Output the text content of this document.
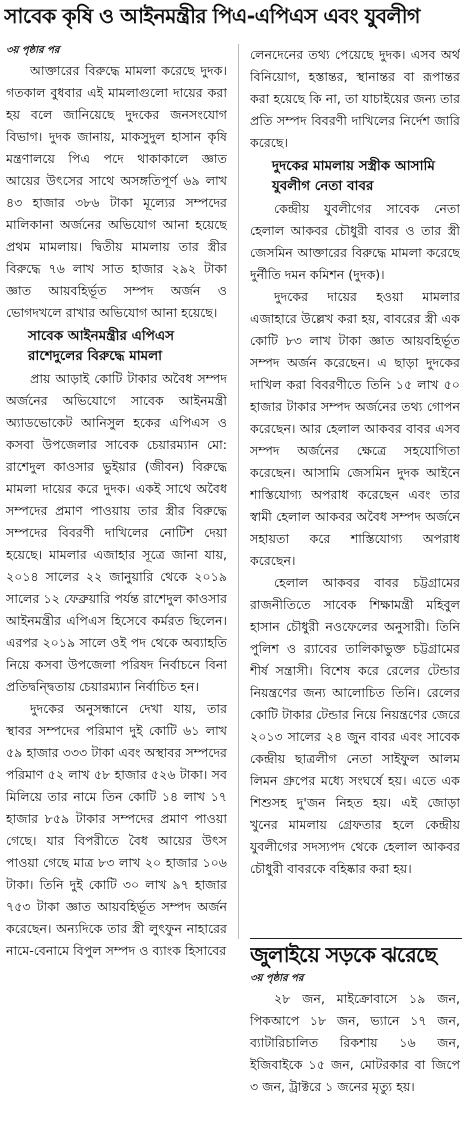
সাবেক কৃষি ও আইনমন্ত্রীর পিএ-এপিএস এবং যুবলীগ
৩য় পৃষ্ঠার পর

আক্তারের বিরুদ্ধে মামলা করেছে দুদক। গতকাল বুধবার এই মামলাগুলো দায়ের করা হয় বলে জানিয়েছে দুদকের জনসংযোগ বিভাগ। দুদক জানায়, মাকসুদুল হাসান কৃষি মন্ত্রণালয়ে পিএ পদে থাকাকালে জ্ঞাত আয়ের উৎসের সাথে অসঙ্গতিপূর্ণ ৬৯ লাখ ৪৩ হাজার ৩৮৬ টাকা মূল্যের সম্পদের মালিকানা অর্জনের অভিযোগ আনা হয়েছে প্রথম মামলায়। দ্বিতীয় মামলায় তার স্ত্রীর বিরুদ্ধে ৭৬ লাখ সাত হাজার ২৯২ টাকা জ্ঞাত আয়বহির্ভূত সম্পদ অর্জন ও ভোগদখলে রাখার অভিযোগ আনা হয়েছে।

সাবেক আইনমন্ত্রীর এপিএস রাশেদুলের বিরুদ্ধে মামলা

প্রায় আড়াই কোটি টাকার অবৈধ সম্পদ অর্জনের অভিযোগে সাবেক আইনমন্ত্রী অ্যাডভোকেট আনিসুল হকের এপিএস ও কসবা উপজেলার সাবেক চেয়ারম্যান মো: রাশেদুল কাওসার ভুইয়ার (জীবন) বিরুদ্ধে মামলা দায়ের করে দুদক। একই সাথে অবৈধ সম্পদের প্রমাণ পাওয়ায় তার স্ত্রীর বিরুদ্ধে সম্পদের বিবরণী দাখিলের নোটিশ দেয়া হয়েছে। মামলার এজাহার সূত্রে জানা যায়, ২০১৪ সালের ২২ জানুয়ারি থেকে ২০১৯ সালের ১২ ফেব্রুয়ারি পর্যন্ত রাশেদুল কাওসার আইনমন্ত্রীর এপিএস হিসেবে কর্মরত ছিলেন। এরপর ২০১৯ সালে ওই পদ থেকে অব্যাহতি নিয়ে কসবা উপজেলা পরিষদ নির্বাচনে বিনা প্রতিদ্বন্দ্বিতায় চেয়ারম্যান নির্বাচিত হন।

দুদকের অনুসন্ধানে দেখা যায়, তার স্থাবর সম্পদের পরিমাণ দুই কোটি ৬১ লাখ ৫৯ হাজার ৩৩৩ টাকা এবং অস্থাবর সম্পদের পরিমাণ ৫২ লাখ ৫৮ হাজার ৫২৬ টাকা। সব মিলিয়ে তার নামে তিন কোটি ১৪ লাখ ১৭ হাজার ৮৫৯ টাকার সম্পদের প্রমাণ পাওয়া গেছে। যার বিপরীতে বৈধ আয়ের উৎস পাওয়া গেছে মাত্র ৮৩ লাখ ২০ হাজার ১০৬ টাকা। তিনি দুই কোটি ৩০ লাখ ৯৭ হাজার ৭৫৩ টাকা জ্ঞাত আয়বহির্ভূত সম্পদ অর্জন করেছেন। অন্যদিকে তার স্ত্রী লুৎফুন নাহারের নামে-বেনামে বিপুল সম্পদ ও ব্যাংক হিসাবের

লেনদেনের তথ্য পেয়েছে দুদক। এসব অর্থ বিনিয়োগ, হস্তান্তর, স্থানান্তর বা রূপান্তর করা হয়েছে কি না, তা যাচাইয়ের জন্য তার প্রতি সম্পদ বিবরণী দাখিলের নির্দেশ জারি করেছে।

দুদকের মামলায় সস্ত্রীক আসামি যুবলীগ নেতা বাবর

কেন্দ্রীয় যুবলীগের সাবেক নেতা হেলাল আকবর চৌধুরী বাবর ও তার স্ত্রী জেসমিন আক্তারের বিরুদ্ধে মামলা করেছে দুর্নীতি দমন কমিশন (দুদক)।

দুদকের দায়ের হওয়া মামলার এজাহারে উল্লেখ করা হয়, বাবরের স্ত্রী এক কোটি ৮৩ লাখ টাকা জ্ঞাত আয়বহির্ভূত সম্পদ অর্জন করেছেন। এ ছাড়া দুদকের দাখিল করা বিবরণীতে তিনি ১৫ লাখ ৫০ হাজার টাকার সম্পদ অর্জনের তথ্য গোপন করেছেন। আর হেলাল আকবর বাবর এসব সম্পদ অর্জনের ক্ষেত্রে সহযোগিতা করেছেন। আসামি জেসমিন দুদক আইনে শাস্তিযোগ্য অপরাধ করেছেন এবং তার স্বামী হেলাল আকবর অবৈধ সম্পদ অর্জনে সহায়তা করে শাস্তিযোগ্য অপরাধ করেছেন।

হেলাল আকবর বাবর চট্টগ্রামের রাজনীতিতে সাবেক শিক্ষামন্ত্রী মহিবুল হাসান চৌধুরী নওফেলের অনুসারী। তিনি পুলিশ ও র‌্যাবের তালিকাভুক্ত চট্টগ্রামের শীর্ষ সন্ত্রাসী। বিশেষ করে রেলের টেন্ডার নিয়ন্ত্রণের জন্য আলোচিত তিনি। রেলের কোটি টাকার টেন্ডার নিয়ে নিয়ন্ত্রণের জেরে ২০১৩ সালের ২৪ জুন বাবর এবং সাবেক কেন্দ্রীয় ছাত্রলীগ নেতা সাইফুল আলম লিমন গ্রুপের মধ্যে সংঘর্ষে হয়। এতে এক শিশুসহ দু'জন নিহত হয়। এই জোড়া খুনের মামলায় গ্রেফতার হলে কেন্দ্রীয় যুবলীগের সদস্যপদ থেকে হেলাল আকবর চৌধুরী বাবরকে বহিষ্কার করা হয়।

জুলাইয়ে সড়কে ঝরেছে
৩য় পৃষ্ঠার পর

২৮ জন, মাইক্রোবাসে ১৯ জন, পিকআপে ১৮ জন, ভ্যানে ১৭ জন, ব্যাটারিচালিত রিকশায় ১৬ জন, ইজিবাইকে ১৫ জন, মোটরকার বা জিপে ৩ জন, ট্রাক্টরে ১ জনের মৃত্যু হয়।
